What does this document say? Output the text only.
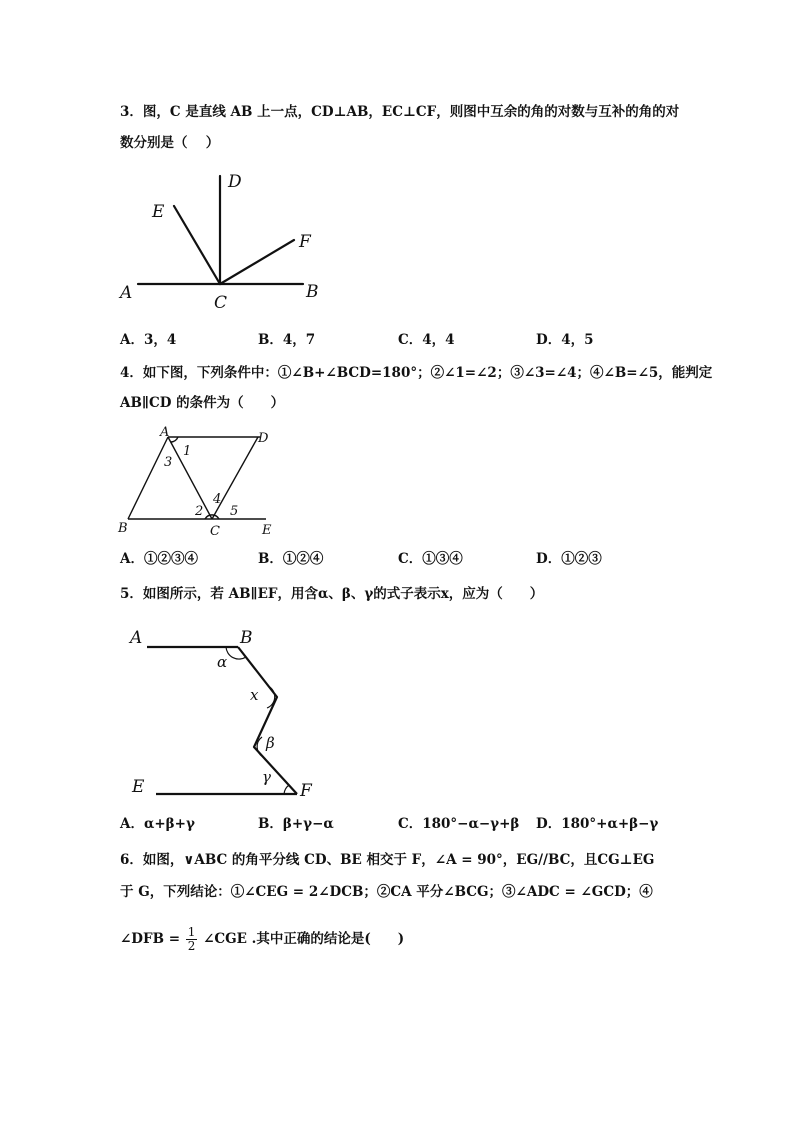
3．图，C 是直线 AB 上一点，CD⊥AB，EC⊥CF，则图中互余的角的对数与互补的角的对
数分别是（　 ）
D
E
F
A	C
B
A．3，4	B．4，7	C．4，4	D．4，5
4．如下图，下列条件中：①∠B+∠BCD=180°；②∠1=∠2；③∠3=∠4；④∠B=∠5，能判定
AB∥CD 的条件为（　　）
A	D
B	C	E
1
3
4
2 5
A．①②③④	B．①②④	C．①③④	D．①②③
5．如图所示，若 AB∥EF，用含α、β、γ的式子表示x，应为（　　）
A	B
E	F
α
x
β
γ
A．α+β+γ	B．β+γ−α	C．180°−α−γ+β D．180°+α+β−γ
6．如图，∨ABC 的角平分线 CD、BE 相交于 F，∠A = 90°，EG//BC，且CG⊥EG
于 G，下列结论：①∠CEG = 2∠DCB；②CA 平分∠BCG；③∠ADC = ∠GCD；④
∠DFB = $\frac{1}{2}$ ∠CGE .其中正确的结论是(　　)
